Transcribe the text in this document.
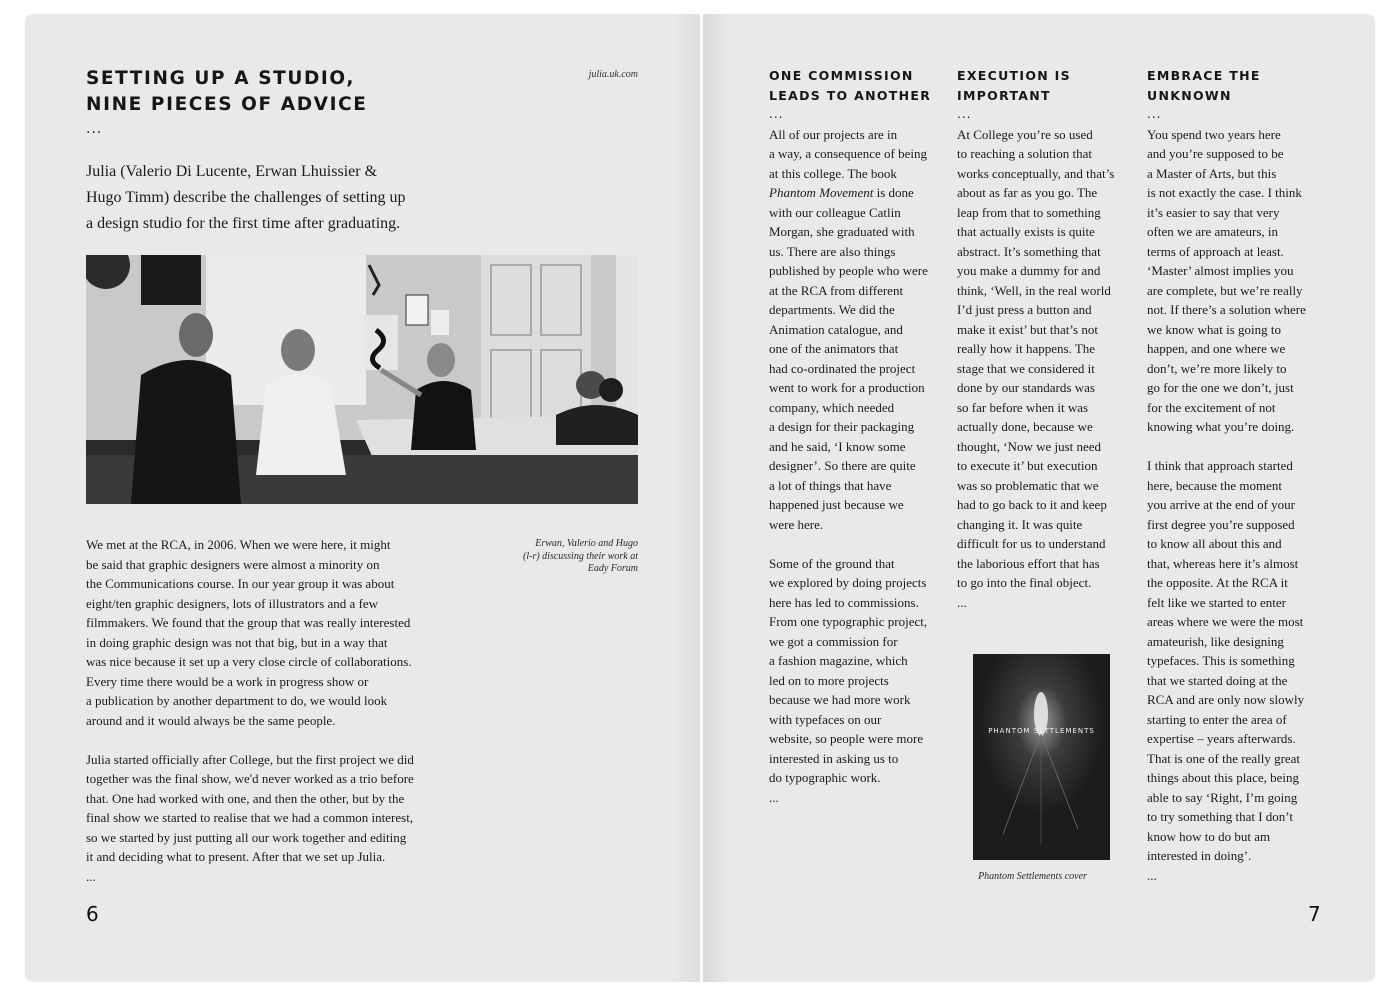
SETTING UP A STUDIO,
NINE PIECES OF ADVICE
...
julia.uk.com

Julia (Valerio Di Lucente, Erwan Lhuissier &
Hugo Timm) describe the challenges of setting up
a design studio for the first time after graduating.

Erwan, Valerio and Hugo
(l-r) discussing their work at
Eady Forum

We met at the RCA, in 2006. When we were here, it might
be said that graphic designers were almost a minority on
the Communications course. In our year group it was about
eight/ten graphic designers, lots of illustrators and a few
filmmakers. We found that the group that was really interested
in doing graphic design was not that big, but in a way that
was nice because it set up a very close circle of collaborations.
Every time there would be a work in progress show or
a publication by another department to do, we would look
around and it would always be the same people.
Julia started officially after College, but the first project we did
together was the final show, we'd never worked as a trio before
that. One had worked with one, and then the other, but by the
final show we started to realise that we had a common interest,
so we started by just putting all our work together and editing
it and deciding what to present. After that we set up Julia.
...

6
ONE COMMISSION
LEADS TO ANOTHER
...

All of our projects are in
a way, a consequence of being
at this college. The book
Phantom Movement is done
with our colleague Catlin
Morgan, she graduated with
us. There are also things
published by people who were
at the RCA from different
departments. We did the
Animation catalogue, and
one of the animators that
had co-ordinated the project
went to work for a production
company, which needed
a design for their packaging
and he said, ‘I know some
designer’. So there are quite
a lot of things that have
happened just because we
were here.

Some of the ground that
we explored by doing projects
here has led to commissions.
From one typographic project,
we got a commission for
a fashion magazine, which
led on to more projects
because we had more work
with typefaces on our
website, so people were more
interested in asking us to
do typographic work.

...

EXECUTION IS
IMPORTANT
...

At College you’re so used
to reaching a solution that
works conceptually, and that’s
about as far as you go. The
leap from that to something
that actually exists is quite
abstract. It’s something that
you make a dummy for and
think, ‘Well, in the real world
I’d just press a button and
make it exist’ but that’s not
really how it happens. The
stage that we considered it
done by our standards was
so far before when it was
actually done, because we
thought, ‘Now we just need
to execute it’ but execution
was so problematic that we
had to go back to it and keep
changing it. It was quite
difficult for us to understand
the laborious effort that has
to go into the final object.

...

PHANTOM SETTLEMENTS
Phantom Settlements cover
EMBRACE THE
UNKNOWN
...

You spend two years here
and you’re supposed to be
a Master of Arts, but this
is not exactly the case. I think
it’s easier to say that very
often we are amateurs, in
terms of approach at least.
‘Master’ almost implies you
are complete, but we’re really
not. If there’s a solution where
we know what is going to
happen, and one where we
don’t, we’re more likely to
go for the one we don’t, just
for the excitement of not
knowing what you’re doing.

I think that approach started
here, because the moment
you arrive at the end of your
first degree you’re supposed
to know all about this and
that, whereas here it’s almost
the opposite. At the RCA it
felt like we started to enter
areas where we were the most
amateurish, like designing
typefaces. This is something
that we started doing at the
RCA and are only now slowly
starting to enter the area of
expertise – years afterwards.
That is one of the really great
things about this place, being
able to say ‘Right, I’m going
to try something that I don’t
know how to do but am
interested in doing’.

...

7
